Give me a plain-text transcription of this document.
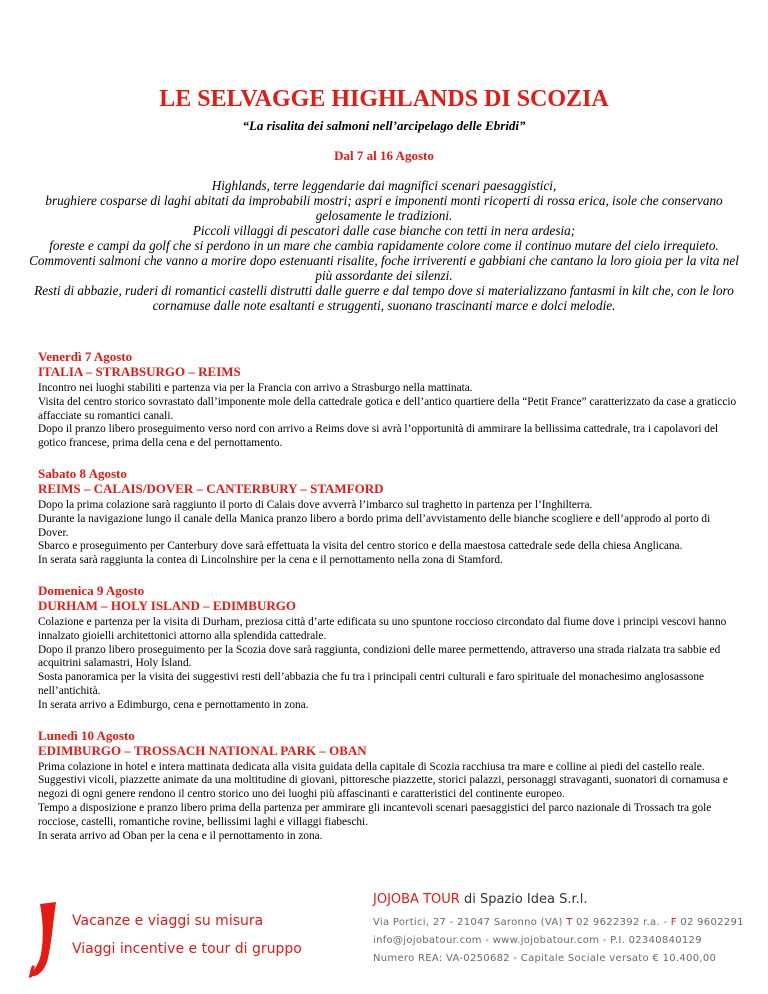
LE SELVAGGE HIGHLANDS DI SCOZIA

“La risalita dei salmoni nell’arcipelago delle Ebridi”

Dal 7 al 16 Agosto

Highlands, terre leggendarie dai magnifici scenari paesaggistici,

brughiere cosparse di laghi abitati da improbabili mostri; aspri e imponenti monti ricoperti di rossa erica, isole che conservano gelosamente le tradizioni.

Piccoli villaggi di pescatori dalle case bianche con tetti in nera ardesia;

foreste e campi da golf che si perdono in un mare che cambia rapidamente colore come il continuo mutare del cielo irrequieto.

Commoventi salmoni che vanno a morire dopo estenuanti risalite, foche irriverenti e gabbiani che cantano la loro gioia per la vita nel più assordante dei silenzi.

Resti di abbazie, ruderi di romantici castelli distrutti dalle guerre e dal tempo dove si materializzano fantasmi in kilt che, con le loro cornamuse dalle note esaltanti e struggenti, suonano trascinanti marce e dolci melodie.

Venerdì 7 Agosto

ITALIA – STRABSURGO – REIMS

Incontro nei luoghi stabiliti e partenza via per la Francia con arrivo a Strasburgo nella mattinata.

Visita del centro storico sovrastato dall’imponente mole della cattedrale gotica e dell’antico quartiere della “Petit France” caratterizzato da case a graticcio affacciate su romantici canali.

Dopo il pranzo libero proseguimento verso nord con arrivo a Reims dove si avrà l’opportunità di ammirare la bellissima cattedrale, tra i capolavori del gotico francese, prima della cena e del pernottamento.

Sabato 8 Agosto

REIMS – CALAIS/DOVER – CANTERBURY – STAMFORD

Dopo la prima colazione sarà raggiunto il porto di Calais dove avverrà l’imbarco sul traghetto in partenza per l’Inghilterra.

Durante la navigazione lungo il canale della Manica pranzo libero a bordo prima dell’avvistamento delle bianche scogliere e dell’approdo al porto di Dover.

Sbarco e proseguimento per Canterbury dove sarà effettuata la visita del centro storico e della maestosa cattedrale sede della chiesa Anglicana.

In serata sarà raggiunta la contea di Lincolnshire per la cena e il pernottamento nella zona di Stamford.

Domenica 9 Agosto

DURHAM – HOLY ISLAND – EDIMBURGO

Colazione e partenza per la visita di Durham, preziosa città d’arte edificata su uno spuntone roccioso circondato dal fiume dove i principi vescovi hanno innalzato gioielli architettonici attorno alla splendida cattedrale.

Dopo il pranzo libero proseguimento per la Scozia dove sarà raggiunta, condizioni delle maree permettendo, attraverso una strada rialzata tra sabbie ed acquitrini salamastri, Holy Island.

Sosta panoramica per la visita dei suggestivi resti dell’abbazia che fu tra i principali centri culturali e faro spirituale del monachesimo anglosassone nell’antichità.

In serata arrivo a Edimburgo, cena e pernottamento in zona.

Lunedì 10 Agosto

EDIMBURGO – TROSSACH NATIONAL PARK – OBAN

Prima colazione in hotel e intera mattinata dedicata alla visita guidata della capitale di Scozia racchiusa tra mare e colline ai piedi del castello reale.

Suggestivi vicoli, piazzette animate da una moltitudine di giovani, pittoresche piazzette, storici palazzi, personaggi stravaganti, suonatori di cornamusa e negozi di ogni genere rendono il centro storico uno dei luoghi più affascinanti e caratteristici del continente europeo.

Tempo a disposizione e pranzo libero prima della partenza per ammirare gli incantevoli scenari paesaggistici del parco nazionale di Trossach tra gole rocciose, castelli, romantiche rovine, bellissimi laghi e villaggi fiabeschi.

In serata arrivo ad Oban per la cena e il pernottamento in zona.

Vacanze e viaggi su misura

Viaggi incentive e tour di gruppo

JOJOBA TOUR di Spazio Idea S.r.l.

Via Portici, 27 - 21047 Saronno (VA) T 02 9622392 r.a. - F 02 9602291

info@jojobatour.com - www.jojobatour.com - P.I. 02340840129

Numero REA: VA-0250682 - Capitale Sociale versato € 10.400,00
